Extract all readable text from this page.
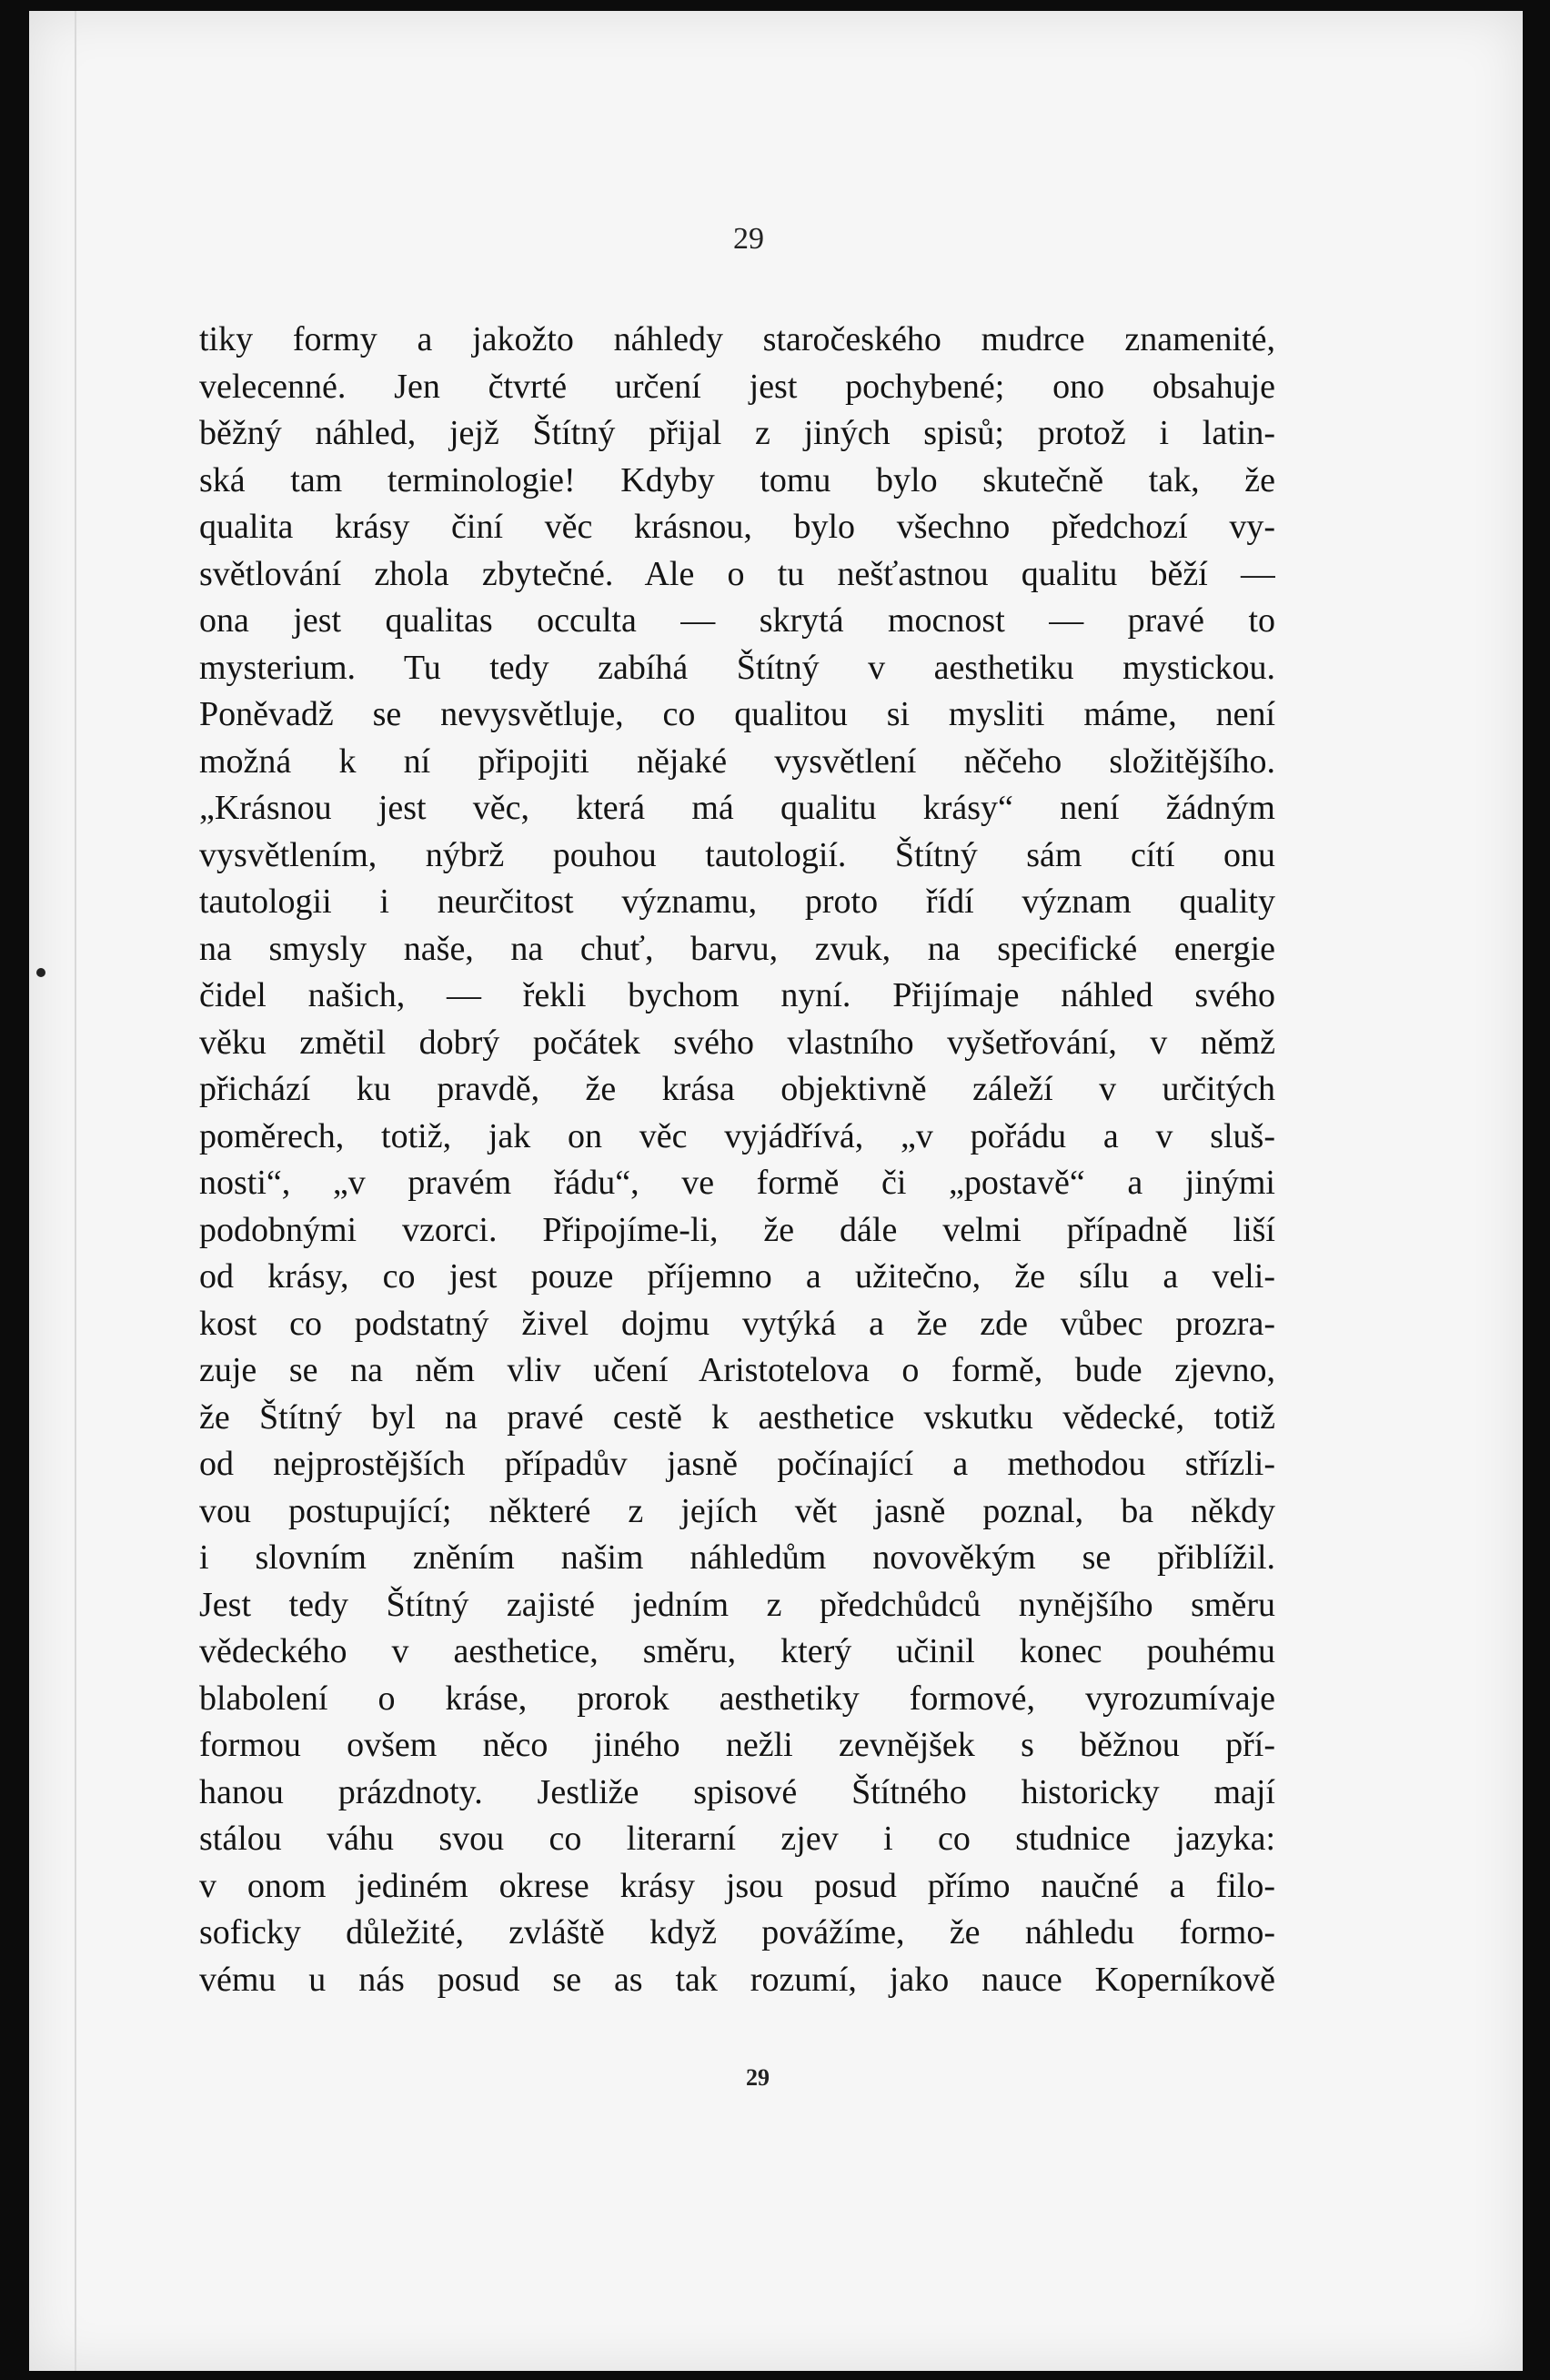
29
tiky formy a jakožto náhledy staročeského mudrce znamenité,
velecenné. Jen čtvrté určení jest pochybené; ono obsahuje
běžný náhled, jejž Štítný přijal z jiných spisů; protož i latin-
ská tam terminologie! Kdyby tomu bylo skutečně tak, že
qualita krásy činí věc krásnou, bylo všechno předchozí vy-
světlování zhola zbytečné. Ale o tu nešťastnou qualitu běží —
ona jest qualitas occulta — skrytá mocnost — pravé to
mysterium. Tu tedy zabíhá Štítný v aesthetiku mystickou.
Poněvadž se nevysvětluje, co qualitou si mysliti máme, není
možná k ní připojiti nějaké vysvětlení něčeho složitějšího.
„Krásnou jest věc, která má qualitu krásy“ není žádným
vysvětlením, nýbrž pouhou tautologií. Štítný sám cítí onu
tautologii i neurčitost významu, proto řídí význam quality
na smysly naše, na chuť, barvu, zvuk, na specifické energie
čidel našich, — řekli bychom nyní. Přijímaje náhled svého
věku změtil dobrý počátek svého vlastního vyšetřování, v němž
přichází ku pravdě, že krása objektivně záleží v určitých
poměrech, totiž, jak on věc vyjádřívá, „v pořádu a v sluš-
nosti“, „v pravém řádu“, ve formě či „postavě“ a jinými
podobnými vzorci. Připojíme-li, že dále velmi případně liší
od krásy, co jest pouze příjemno a užitečno, že sílu a veli-
kost co podstatný živel dojmu vytýká a že zde vůbec prozra-
zuje se na něm vliv učení Aristotelova o formě, bude zjevno,
že Štítný byl na pravé cestě k aesthetice vskutku vědecké, totiž
od nejprostějších případův jasně počínající a methodou střízli-
vou postupující; některé z jejích vět jasně poznal, ba někdy
i slovním zněním našim náhledům novověkým se přiblížil.
Jest tedy Štítný zajisté jedním z předchůdců nynějšího směru
vědeckého v aesthetice, směru, který učinil konec pouhému
blabolení o kráse, prorok aesthetiky formové, vyrozumívaje
formou ovšem něco jiného nežli zevnějšek s běžnou pří-
hanou prázdnoty. Jestliže spisové Štítného historicky mají
stálou váhu svou co literarní zjev i co studnice jazyka:
v onom jediném okrese krásy jsou posud přímo naučné a filo-
soficky důležité, zvláště když povážíme, že náhledu formo-
vému u nás posud se as tak rozumí, jako nauce Koperníkově
29
